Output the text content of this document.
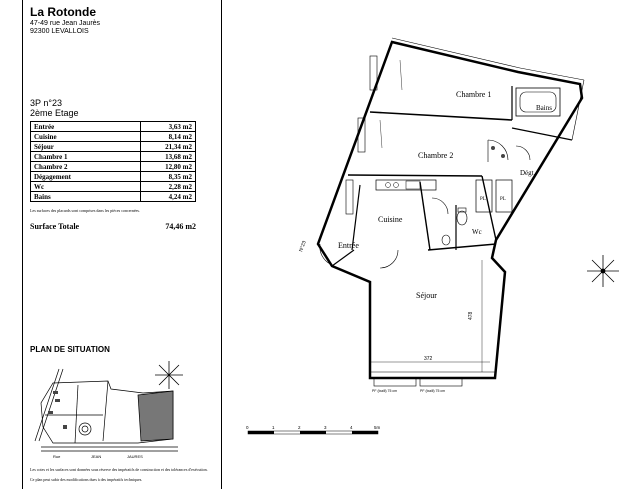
La Rotonde
47-49 rue Jean Jaurès
92300 LEVALLOIS
3P n°23
2ème Etage
Entrée	3,63 m2
Cuisine	8,14 m2
Séjour	21,34 m2
Chambre 1	13,68 m2
Chambre 2	12,80 m2
Dégagement	8,35 m2
Wc	2,28 m2
Bains	4,24 m2
Les surfaces des placards sont comprises dans les pièces concernées.
Surface Totale	74,46 m2
PLAN DE SITUATION
Rue	JEAN	JAURES
Les cotes et les surfaces sont données sous réserve des impératifs de construction et des tolérances d'exécution.
Ce plan peut subir des modifications dues à des impératifs techniques.
Chambre 1
Chambre 2
Bains
Dégt.
Cuisine
Wc
Entrée
Séjour
PL	PL
372
478
PF (lxaill) 75 cm	PF (lxaill) 75 cm
N°23
0	1	2	3	4	5m
